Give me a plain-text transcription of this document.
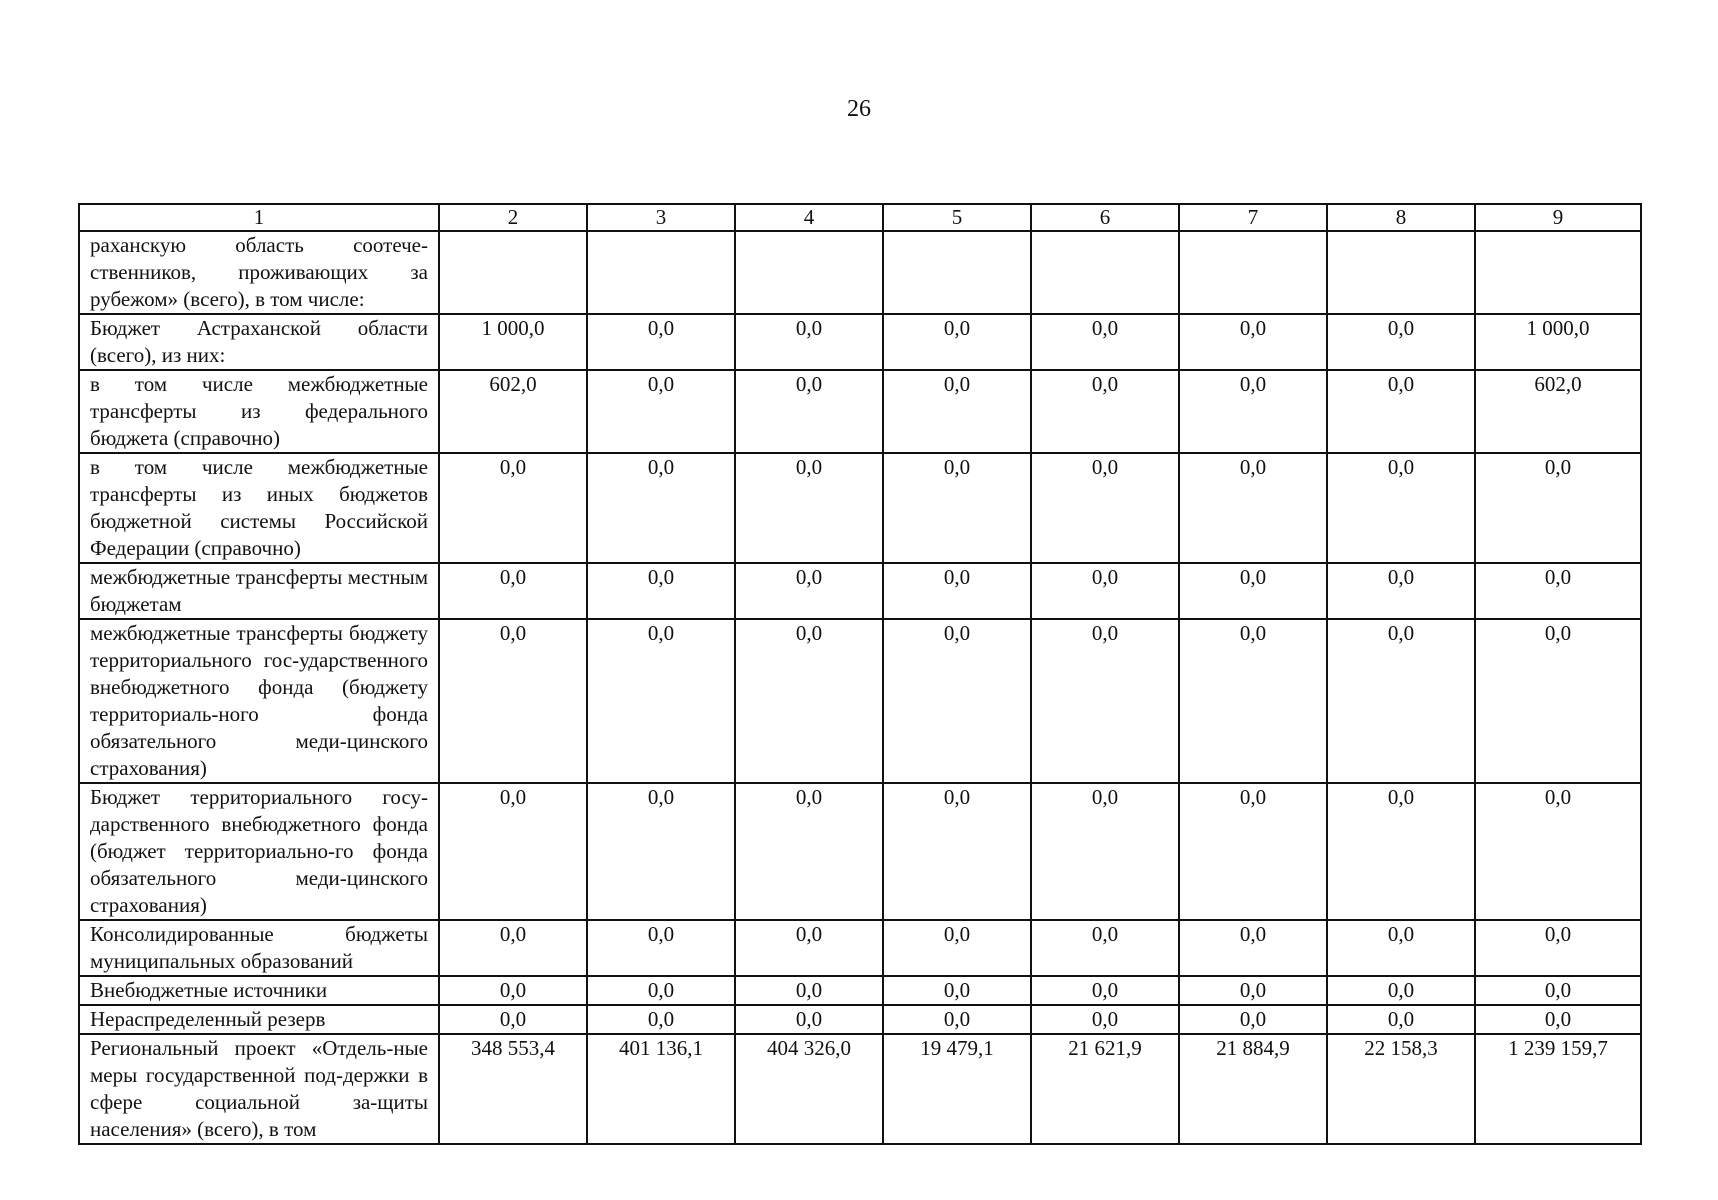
26
1	2	3	4	5	6	7	8	9
раханскую область соотече-ственников, проживающих за рубежом» (всего), в том числе:								
Бюджет Астраханской области (всего), из них:	1 000,0	0,0	0,0	0,0	0,0	0,0	0,0	1 000,0
в том числе межбюджетные трансферты из федерального бюджета (справочно)	602,0	0,0	0,0	0,0	0,0	0,0	0,0	602,0
в том числе межбюджетные трансферты из иных бюджетов бюджетной системы Российской Федерации (справочно)	0,0	0,0	0,0	0,0	0,0	0,0	0,0	0,0
межбюджетные трансферты местным бюджетам	0,0	0,0	0,0	0,0	0,0	0,0	0,0	0,0
межбюджетные трансферты бюджету территориального гос-ударственного внебюджетного фонда (бюджету территориаль-ного фонда обязательного меди-цинского страхования)	0,0	0,0	0,0	0,0	0,0	0,0	0,0	0,0
Бюджет территориального госу-дарственного внебюджетного фонда (бюджет территориально-го фонда обязательного меди-цинского страхования)	0,0	0,0	0,0	0,0	0,0	0,0	0,0	0,0
Консолидированные бюджеты муниципальных образований	0,0	0,0	0,0	0,0	0,0	0,0	0,0	0,0
Внебюджетные источники	0,0	0,0	0,0	0,0	0,0	0,0	0,0	0,0
Нераспределенный резерв	0,0	0,0	0,0	0,0	0,0	0,0	0,0	0,0
Региональный проект «Отдель-ные меры государственной под-держки в сфере социальной за-щиты населения» (всего), в том	348 553,4	401 136,1	404 326,0	19 479,1	21 621,9	21 884,9	22 158,3	1 239 159,7
